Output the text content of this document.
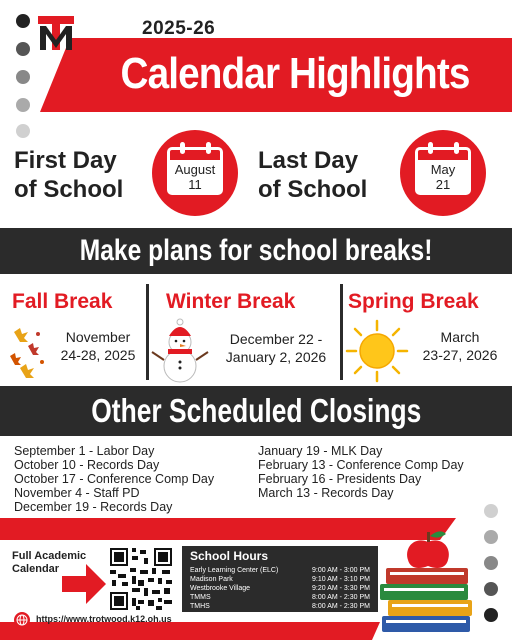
2025-26
Calendar Highlights
First Day
of School
August
11
Last Day
of School
May
21
Make plans for school breaks!
Fall Break
November
24-28, 2025
Winter Break
December 22 -
January 2, 2026
Spring Break
March
23-27, 2026
Other Scheduled Closings
September 1 - Labor Day
October 10 - Records Day
October 17 - Conference Comp Day
November 4 - Staff PD
December 19 - Records Day
January 19 - MLK Day
February 13 - Conference Comp Day
February 16 - Presidents Day
March 13 - Records Day
Full Academic
Calendar
School Hours
Early Learning Center (ELC)	9:00 AM - 3:00 PM
Madison Park	9:10 AM - 3:10 PM
Westbrooke Village	9:20 AM - 3:30 PM
TMMS	8:00 AM - 2:30 PM
TMHS	8:00 AM - 2:30 PM
https://www.trotwood.k12.oh.us
